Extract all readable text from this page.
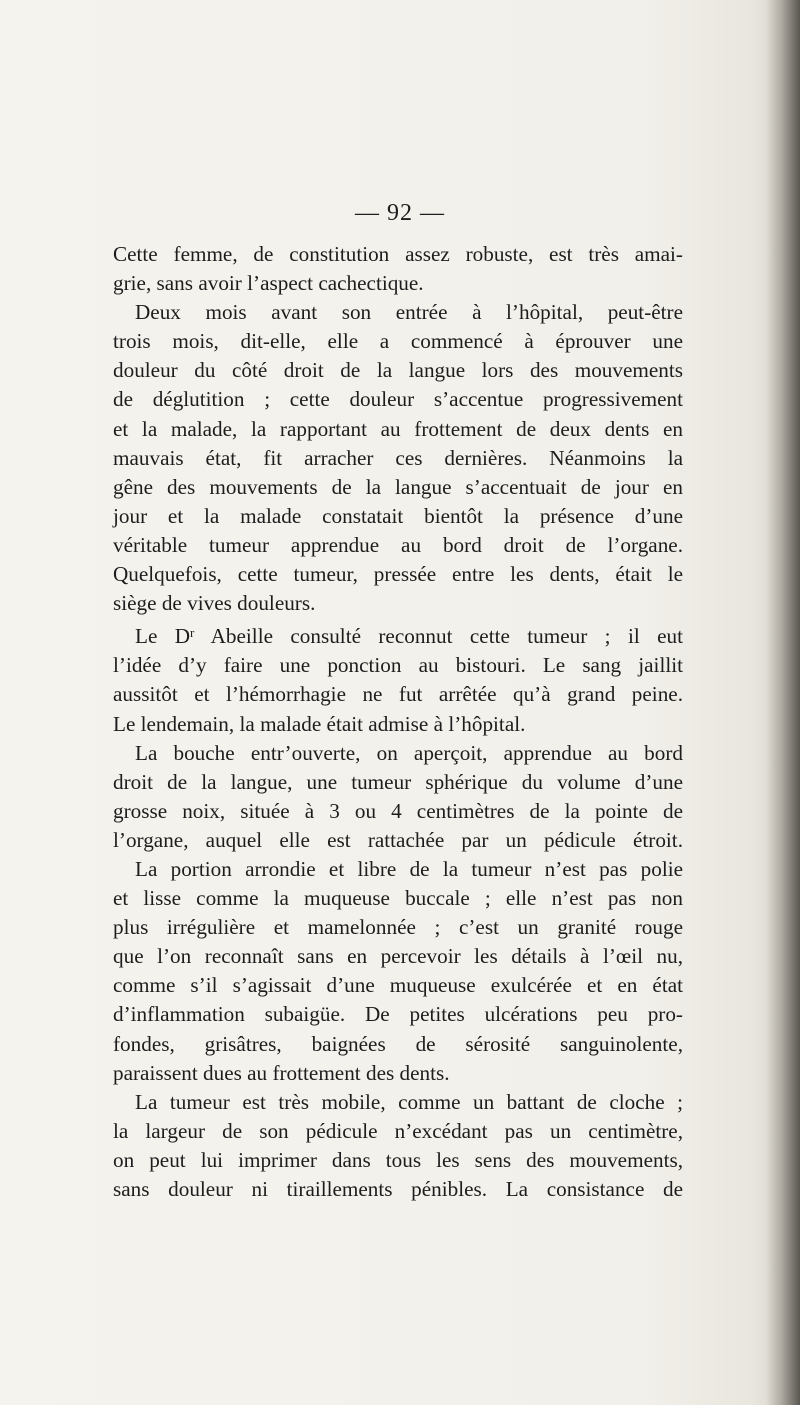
— 92 —
Cette femme, de constitution assez robuste, est très amai-
grie, sans avoir l’aspect cachectique.
Deux mois avant son entrée à l’hôpital, peut-être
trois mois, dit-elle, elle a commencé à éprouver une
douleur du côté droit de la langue lors des mouvements
de déglutition ; cette douleur s’accentue progressivement
et la malade, la rapportant au frottement de deux dents en
mauvais état, fit arracher ces dernières. Néanmoins la
gêne des mouvements de la langue s’accentuait de jour en
jour et la malade constatait bientôt la présence d’une
véritable tumeur apprendue au bord droit de l’organe.
Quelquefois, cette tumeur, pressée entre les dents, était le
siège de vives douleurs.
Le $D^r$ Abeille consulté reconnut cette tumeur ; il eut
l’idée d’y faire une ponction au bistouri. Le sang jaillit
aussitôt et l’hémorrhagie ne fut arrêtée qu’à grand peine.
Le lendemain, la malade était admise à l’hôpital.
La bouche entr’ouverte, on aperçoit, apprendue au bord
droit de la langue, une tumeur sphérique du volume d’une
grosse noix, située à 3 ou 4 centimètres de la pointe de
l’organe, auquel elle est rattachée par un pédicule étroit.
La portion arrondie et libre de la tumeur n’est pas polie
et lisse comme la muqueuse buccale ; elle n’est pas non
plus irrégulière et mamelonnée ; c’est un granité rouge
que l’on reconnaît sans en percevoir les détails à l’œil nu,
comme s’il s’agissait d’une muqueuse exulcérée et en état
d’inflammation subaigüe. De petites ulcérations peu pro-
fondes, grisâtres, baignées de sérosité sanguinolente,
paraissent dues au frottement des dents.
La tumeur est très mobile, comme un battant de cloche ;
la largeur de son pédicule n’excédant pas un centimètre,
on peut lui imprimer dans tous les sens des mouvements,
sans douleur ni tiraillements pénibles. La consistance de
